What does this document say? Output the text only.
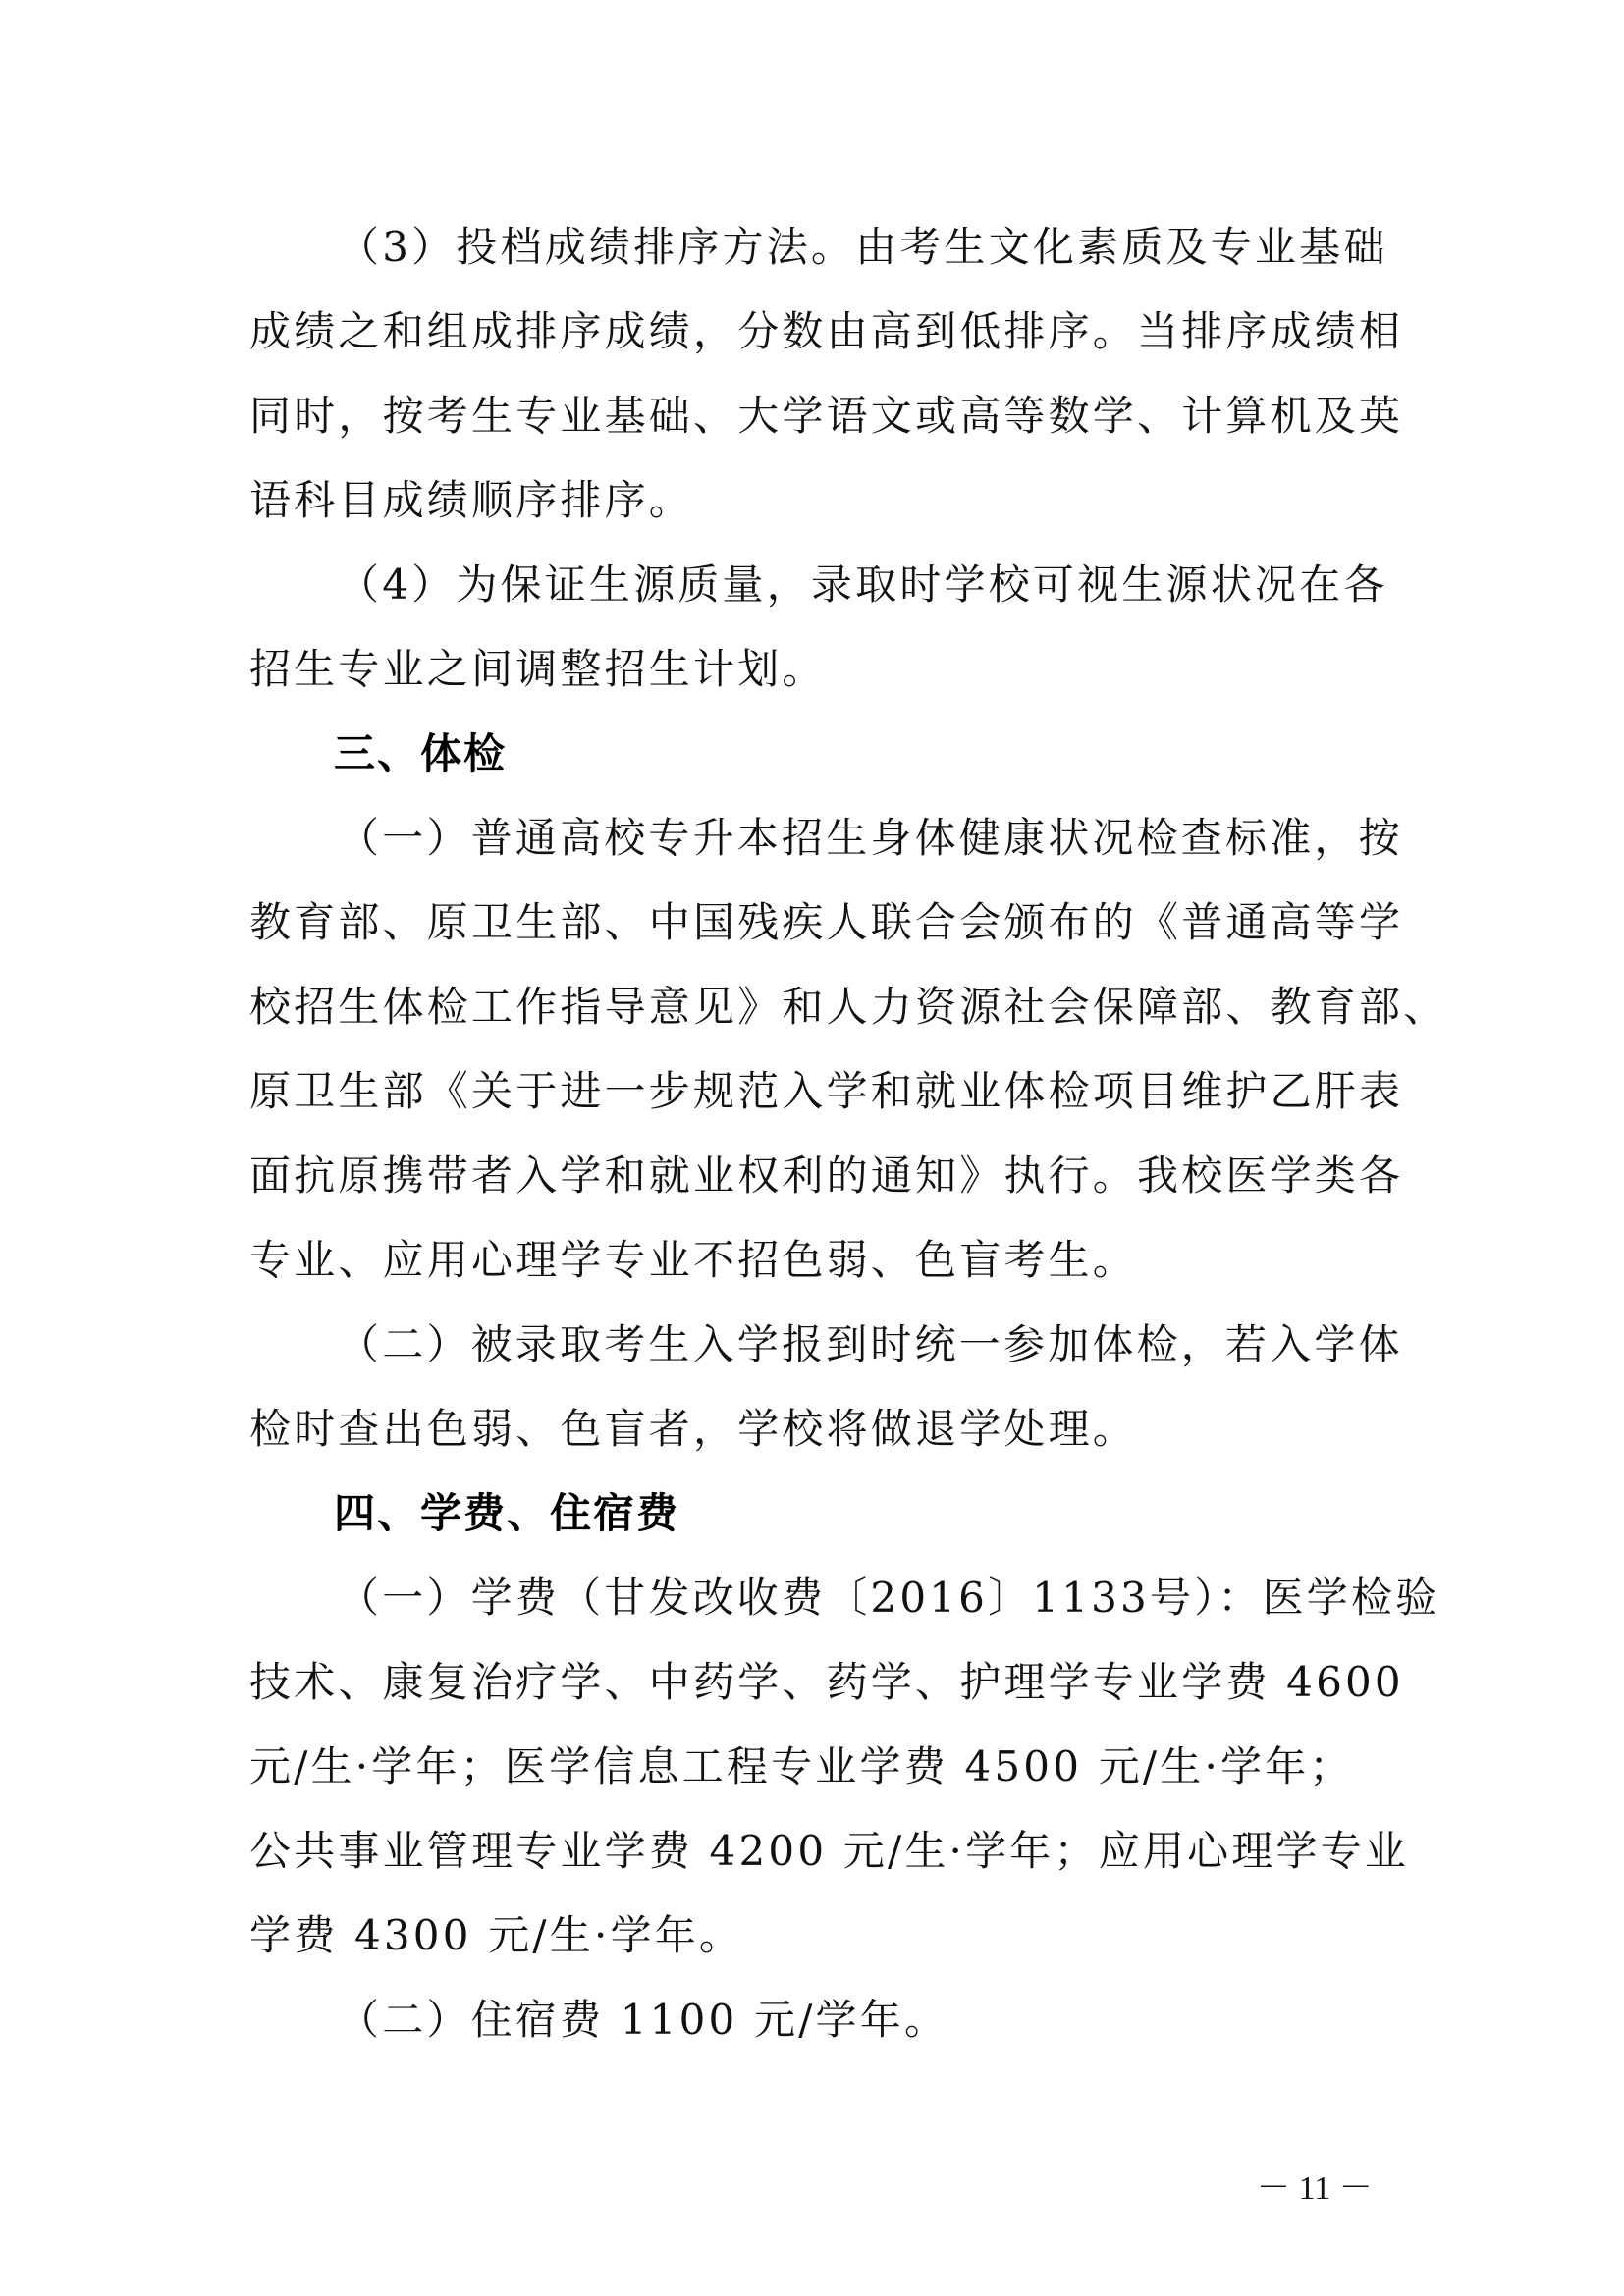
（3）投档成绩排序方法。由考生文化素质及专业基础
成绩之和组成排序成绩，分数由高到低排序。当排序成绩相
同时，按考生专业基础、大学语文或高等数学、计算机及英
语科目成绩顺序排序。
（4）为保证生源质量，录取时学校可视生源状况在各
招生专业之间调整招生计划。
三、体检
（一）普通高校专升本招生身体健康状况检查标准，按
教育部、原卫生部、中国残疾人联合会颁布的《普通高等学
校招生体检工作指导意见》和人力资源社会保障部、教育部、
原卫生部《关于进一步规范入学和就业体检项目维护乙肝表
面抗原携带者入学和就业权利的通知》执行。我校医学类各
专业、应用心理学专业不招色弱、色盲考生。
（二）被录取考生入学报到时统一参加体检，若入学体
检时查出色弱、色盲者，学校将做退学处理。
四、学费、住宿费
（一）学费（甘发改收费〔2016〕1133号）：医学检验
技术、康复治疗学、中药学、药学、护理学专业学费 4600
元/生·学年；医学信息工程专业学费 4500 元/生·学年；
公共事业管理专业学费 4200 元/生·学年；应用心理学专业
学费 4300 元/生·学年。
（二）住宿费 1100 元/学年。
－ 11 －
